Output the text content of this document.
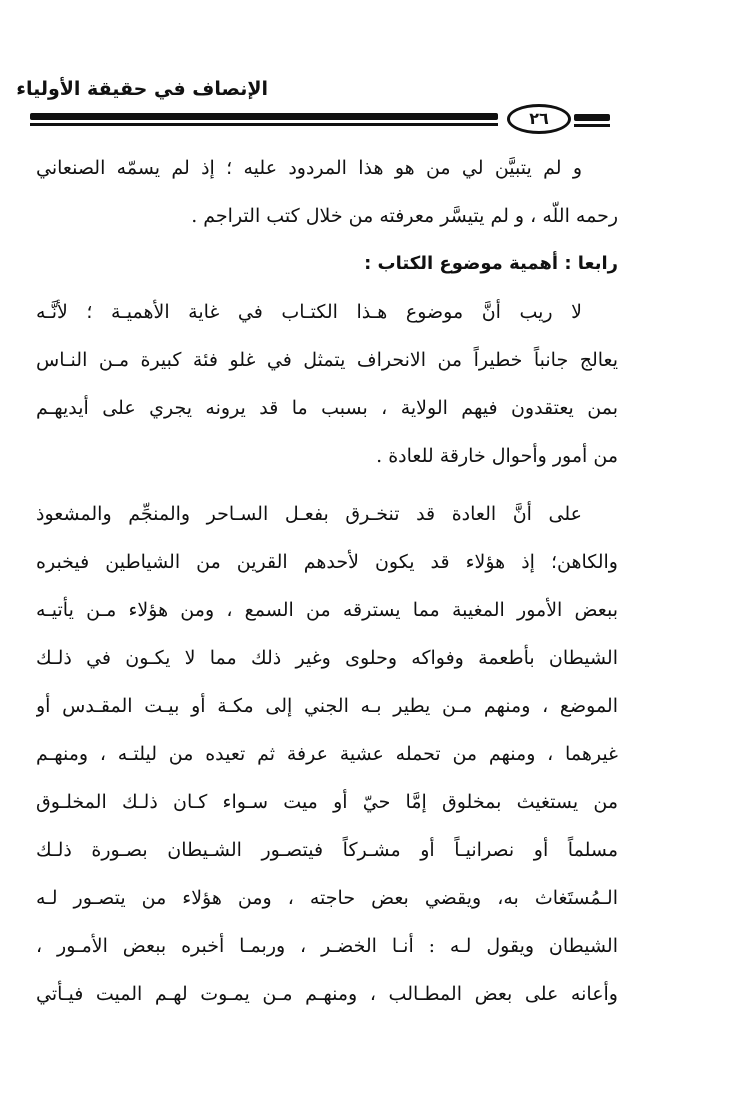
الإنصاف في حقيقة الأولياء
٢٦
و لم يتبيَّن لي من هو هذا المردود عليه ؛ إذ لم يسمّه الصنعاني
رحمه اللّه ، و لم يتيسَّر معرفته من خلال كتب التراجم .
رابعا : أهمية موضوع الكتاب :
لا ريب أنَّ موضوع هـذا الكتـاب في غاية الأهميـة ؛ لأنَّـه
يعالج جانباً خطيراً من الانحراف يتمثل في غلو فئة كبيرة مـن النـاس
بمن يعتقدون فيهم الولاية ، بسبب ما قد يرونه يجري على أيديهـم
من أمور وأحوال خارقة للعادة .
على أنَّ العادة قد تنخـرق بفعـل السـاحر والمنجِّم والمشعوذ
والكاهن؛ إذ هؤلاء قد يكون لأحدهم القرين من الشياطين فيخبره
ببعض الأمور المغيبة مما يسترقه من السمع ، ومن هؤلاء مـن يأتيـه
الشيطان بأطعمة وفواكه وحلوى وغير ذلك مما لا يكـون في ذلـك
الموضع ، ومنهم مـن يطير بـه الجني إلى مكـة أو بيـت المقـدس أو
غيرهما ، ومنهم من تحمله عشية عرفة ثم تعيده من ليلتـه ، ومنهـم
من يستغيث بمخلوق إمَّا حيّ أو ميت سـواء كـان ذلـك المخلـوق
مسلماً أو نصرانيـاً أو مشـركاً فيتصـور الشـيطان بصـورة ذلـك
الـمُستَغاث به، ويقضي بعض حاجته ، ومن هؤلاء من يتصـور لـه
الشيطان ويقول لـه : أنـا الخضـر ، وربمـا أخبره ببعض الأمـور ،
وأعانه على بعض المطـالب ، ومنهـم مـن يمـوت لهـم الميت فيـأتي
